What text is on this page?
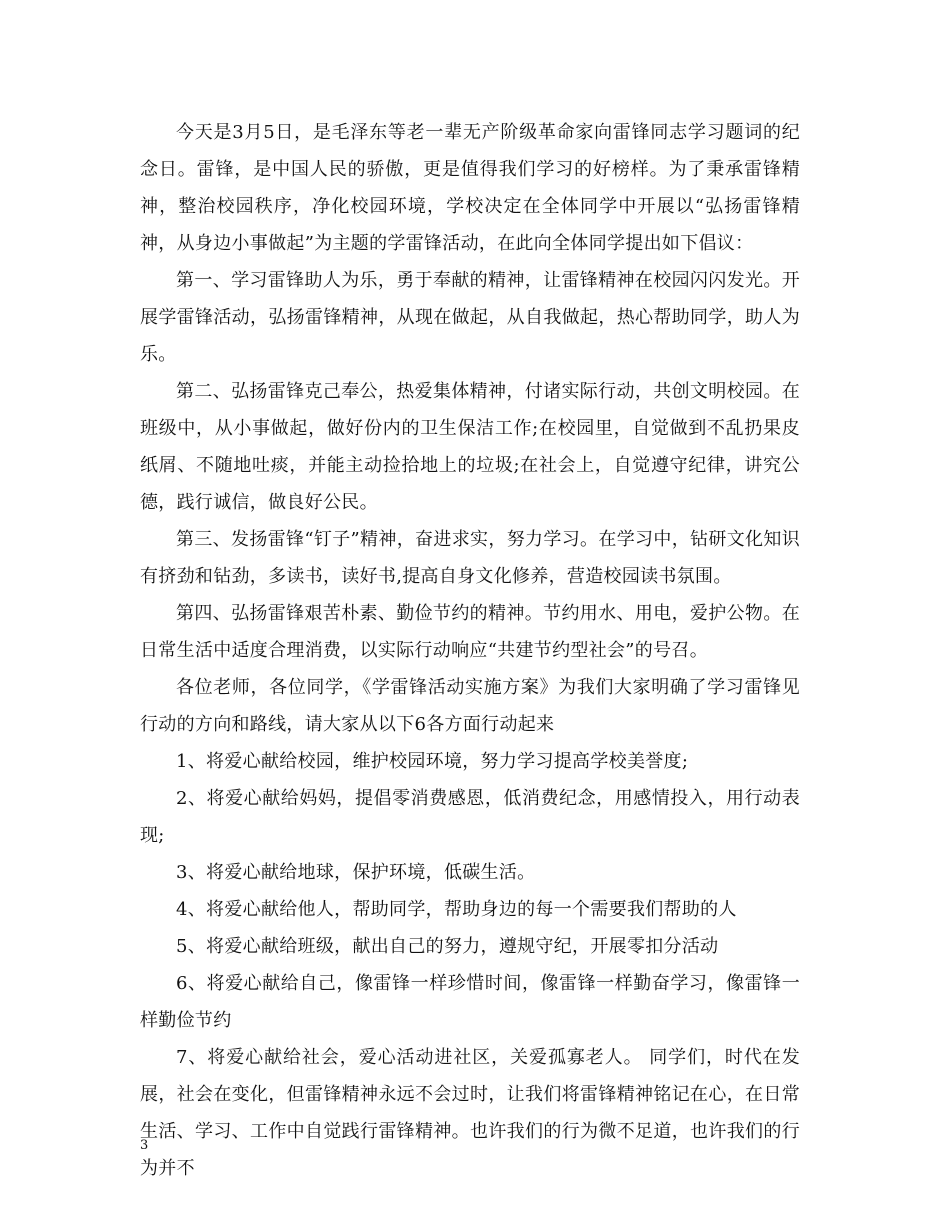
今天是3月5日，是毛泽东等老一辈无产阶级革命家向雷锋同志学习题词的纪念日。雷锋，是中国人民的骄傲，更是值得我们学习的好榜样。为了秉承雷锋精神，整治校园秩序，净化校园环境，学校决定在全体同学中开展以“弘扬雷锋精神，从身边小事做起”为主题的学雷锋活动，在此向全体同学提出如下倡议：

第一、学习雷锋助人为乐，勇于奉献的精神，让雷锋精神在校园闪闪发光。开展学雷锋活动，弘扬雷锋精神，从现在做起，从自我做起，热心帮助同学，助人为乐。

第二、弘扬雷锋克己奉公，热爱集体精神，付诸实际行动，共创文明校园。在班级中，从小事做起，做好份内的卫生保洁工作;在校园里，自觉做到不乱扔果皮纸屑、不随地吐痰，并能主动捡拾地上的垃圾;在社会上，自觉遵守纪律，讲究公德，践行诚信，做良好公民。

第三、发扬雷锋“钉子”精神，奋进求实，努力学习。在学习中，钻研文化知识有挤劲和钻劲，多读书，读好书,提高自身文化修养，营造校园读书氛围。

第四、弘扬雷锋艰苦朴素、勤俭节约的精神。节约用水、用电，爱护公物。在日常生活中适度合理消费，以实际行动响应“共建节约型社会”的号召。

各位老师，各位同学，《学雷锋活动实施方案》为我们大家明确了学习雷锋见行动的方向和路线，请大家从以下6各方面行动起来

1、将爱心献给校园，维护校园环境，努力学习提高学校美誉度;

2、将爱心献给妈妈，提倡零消费感恩，低消费纪念，用感情投入，用行动表现;

3、将爱心献给地球，保护环境，低碳生活。

4、将爱心献给他人，帮助同学，帮助身边的每一个需要我们帮助的人

5、将爱心献给班级，献出自己的努力，遵规守纪，开展零扣分活动

6、将爱心献给自己，像雷锋一样珍惜时间，像雷锋一样勤奋学习，像雷锋一样勤俭节约

7、将爱心献给社会，爱心活动进社区，关爱孤寡老人。 同学们，时代在发展，社会在变化，但雷锋精神永远不会过时，让我们将雷锋精神铭记在心，在日常生活、学习、工作中自觉践行雷锋精神。也许我们的行为微不足道，也许我们的行为并不

3
